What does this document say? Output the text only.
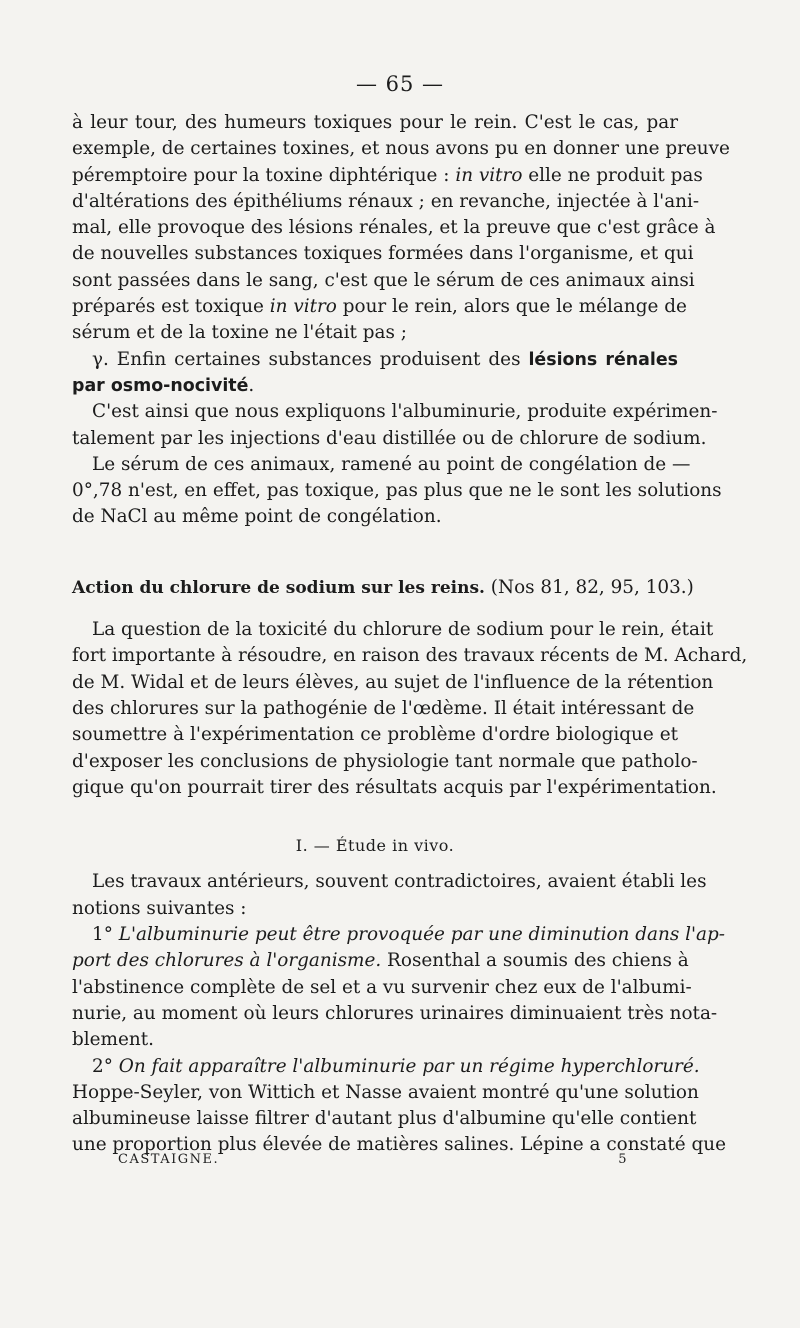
— 65 —
à leur tour, des humeurs toxiques pour le rein. C'est le cas, par
exemple, de certaines toxines, et nous avons pu en donner une preuve
péremptoire pour la toxine diphtérique : in vitro elle ne produit pas
d'altérations des épithéliums rénaux ; en revanche, injectée à l'ani-
mal, elle provoque des lésions rénales, et la preuve que c'est grâce à
de nouvelles substances toxiques formées dans l'organisme, et qui
sont passées dans le sang, c'est que le sérum de ces animaux ainsi
préparés est toxique in vitro pour le rein, alors que le mélange de
sérum et de la toxine ne l'était pas ;
γ. Enfin certaines substances produisent des lésions rénales
par osmo-nocivité.
C'est ainsi que nous expliquons l'albuminurie, produite expérimen-
talement par les injections d'eau distillée ou de chlorure de sodium.
Le sérum de ces animaux, ramené au point de congélation de —
0°,78 n'est, en effet, pas toxique, pas plus que ne le sont les solutions
de NaCl au même point de congélation.
Action du chlorure de sodium sur les reins. (Nos 81, 82, 95, 103.)
La question de la toxicité du chlorure de sodium pour le rein, était
fort importante à résoudre, en raison des travaux récents de M. Achard,
de M. Widal et de leurs élèves, au sujet de l'influence de la rétention
des chlorures sur la pathogénie de l'œdème. Il était intéressant de
soumettre à l'expérimentation ce problème d'ordre biologique et
d'exposer les conclusions de physiologie tant normale que patholo-
gique qu'on pourrait tirer des résultats acquis par l'expérimentation.
I. — Étude in vivo.
Les travaux antérieurs, souvent contradictoires, avaient établi les
notions suivantes :
1° L'albuminurie peut être provoquée par une diminution dans l'ap-
port des chlorures à l'organisme. Rosenthal a soumis des chiens à
l'abstinence complète de sel et a vu survenir chez eux de l'albumi-
nurie, au moment où leurs chlorures urinaires diminuaient très nota-
blement.
2° On fait apparaître l'albuminurie par un régime hyperchloruré.
Hoppe-Seyler, von Wittich et Nasse avaient montré qu'une solution
albumineuse laisse filtrer d'autant plus d'albumine qu'elle contient
une proportion plus élevée de matières salines. Lépine a constaté que
CASTAIGNE.	5
